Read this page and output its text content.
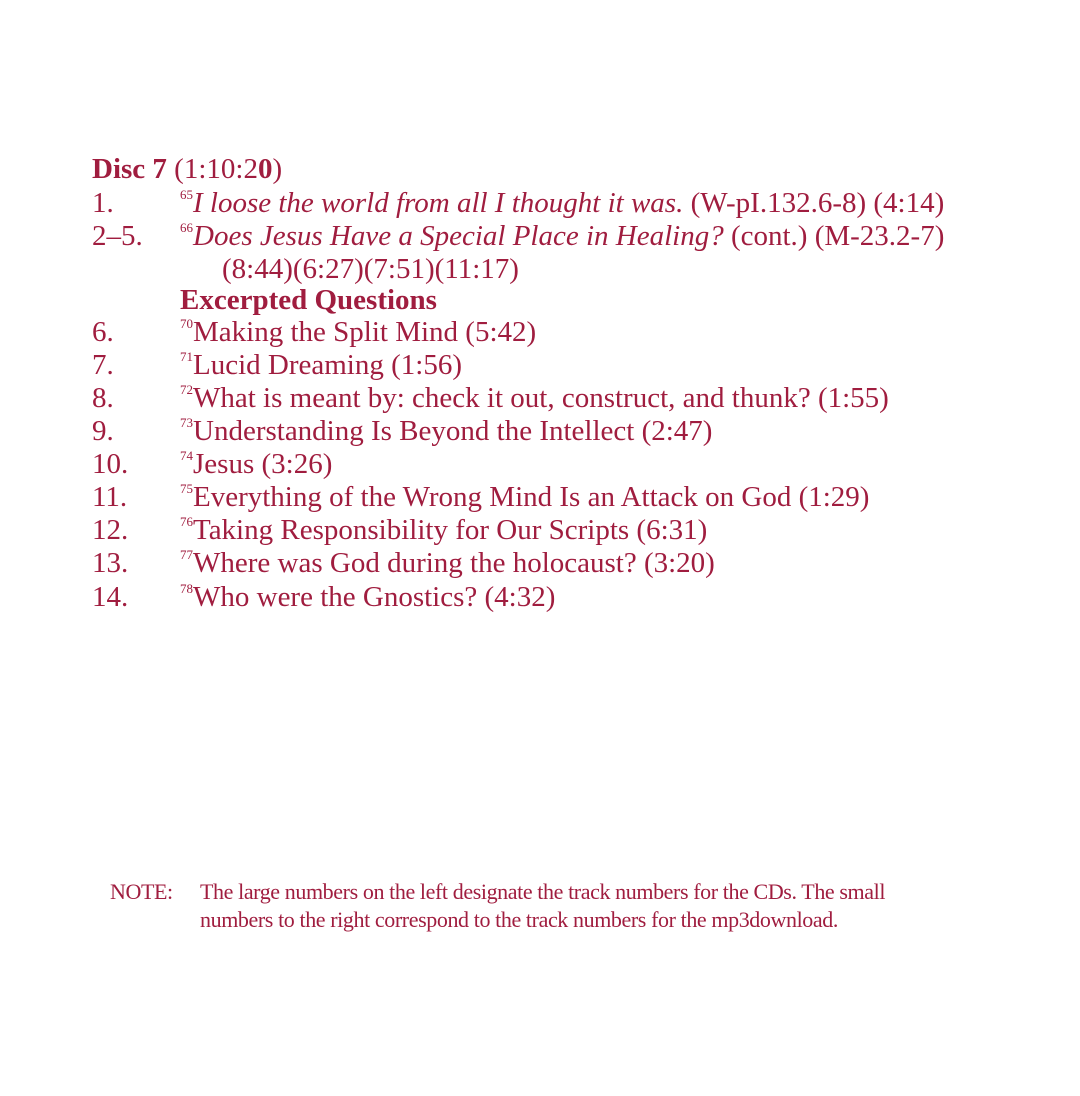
Disc 7 (1:10:20)
1.	$^{65}$I loose the world from all I thought it was. (W-pI.132.6-8) (4:14)
2–5.	$^{66}$Does Jesus Have a Special Place in Healing? (cont.) (M-23.2-7)
(8:44)(6:27)(7:51)(11:17)
Excerpted Questions
6.	$^{70}$Making the Split Mind (5:42)
7.	$^{71}$Lucid Dreaming (1:56)
8.	$^{72}$What is meant by: check it out, construct, and thunk? (1:55)
9.	$^{73}$Understanding Is Beyond the Intellect (2:47)
10.	$^{74}$Jesus (3:26)
11.	$^{75}$Everything of the Wrong Mind Is an Attack on God (1:29)
12.	$^{76}$Taking Responsibility for Our Scripts (6:31)
13.	$^{77}$Where was God during the holocaust? (3:20)
14.	$^{78}$Who were the Gnostics? (4:32)
NOTE: The large numbers on the left designate the track numbers for the CDs. The small
numbers to the right correspond to the track numbers for the mp3download.
